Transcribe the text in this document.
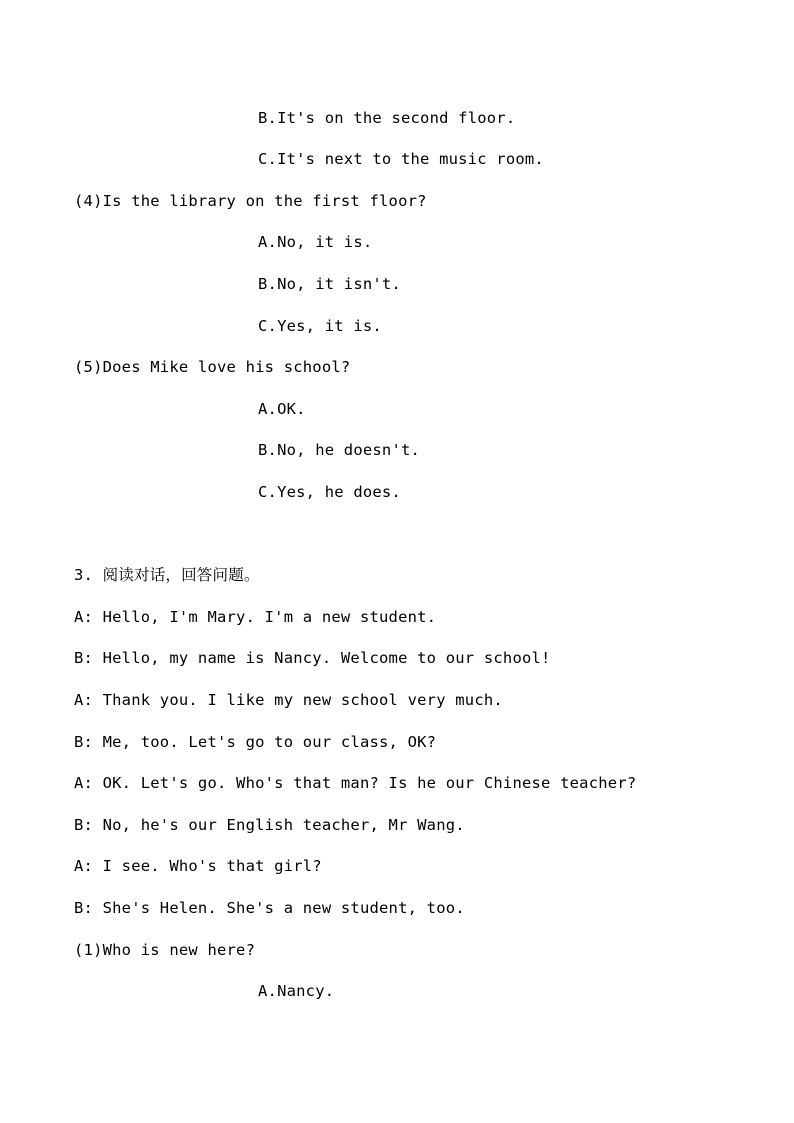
B.It's on the second floor.
C.It's next to the music room.
(4)Is the library on the first floor?
A.No, it is.
B.No, it isn't.
C.Yes, it is.
(5)Does Mike love his school?
A.OK.
B.No, he doesn't.
C.Yes, he does.
3. 阅读对话，回答问题。
A: Hello, I'm Mary. I'm a new student.
B: Hello, my name is Nancy. Welcome to our school!
A: Thank you. I like my new school very much.
B: Me, too. Let's go to our class, OK?
A: OK. Let's go. Who's that man? Is he our Chinese teacher?
B: No, he's our English teacher, Mr Wang.
A: I see. Who's that girl?
B: She's Helen. She's a new student, too.
(1)Who is new here?
A.Nancy.
